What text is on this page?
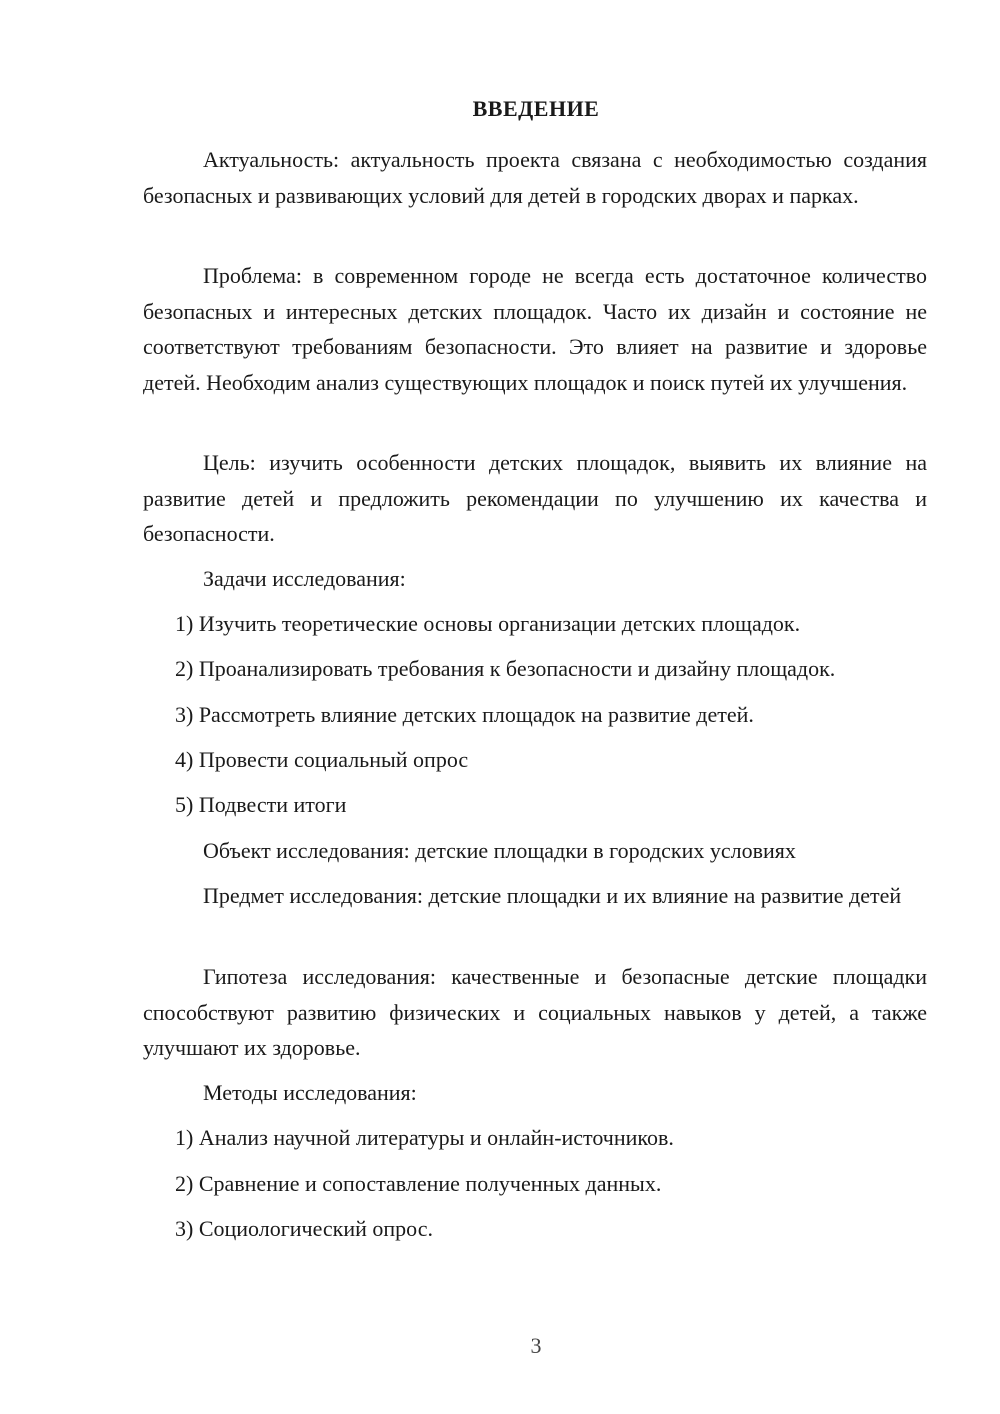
ВВЕДЕНИЕ

Актуальность: актуальность проекта связана с необходимостью создания безопасных и развивающих условий для детей в городских дворах и парках.

Проблема: в современном городе не всегда есть достаточное количество безопасных и интересных детских площадок. Часто их дизайн и состояние не соответствуют требованиям безопасности. Это влияет на развитие и здоровье детей. Необходим анализ существующих площадок и поиск путей их улучшения.

Цель: изучить особенности детских площадок, выявить их влияние на развитие детей и предложить рекомендации по улучшению их качества и безопасности.

Задачи исследования:

1) Изучить теоретические основы организации детских площадок.

2) Проанализировать требования к безопасности и дизайну площадок.

3) Рассмотреть влияние детских площадок на развитие детей.

4) Провести социальный опрос

5) Подвести итоги

Объект исследования: детские площадки в городских условиях

Предмет исследования: детские площадки и их влияние на развитие детей

Гипотеза исследования: качественные и безопасные детские площадки способствуют развитию физических и социальных навыков у детей, а также улучшают их здоровье.

Методы исследования:

1) Анализ научной литературы и онлайн-источников.

2) Сравнение и сопоставление полученных данных.

3) Социологический опрос.

3
